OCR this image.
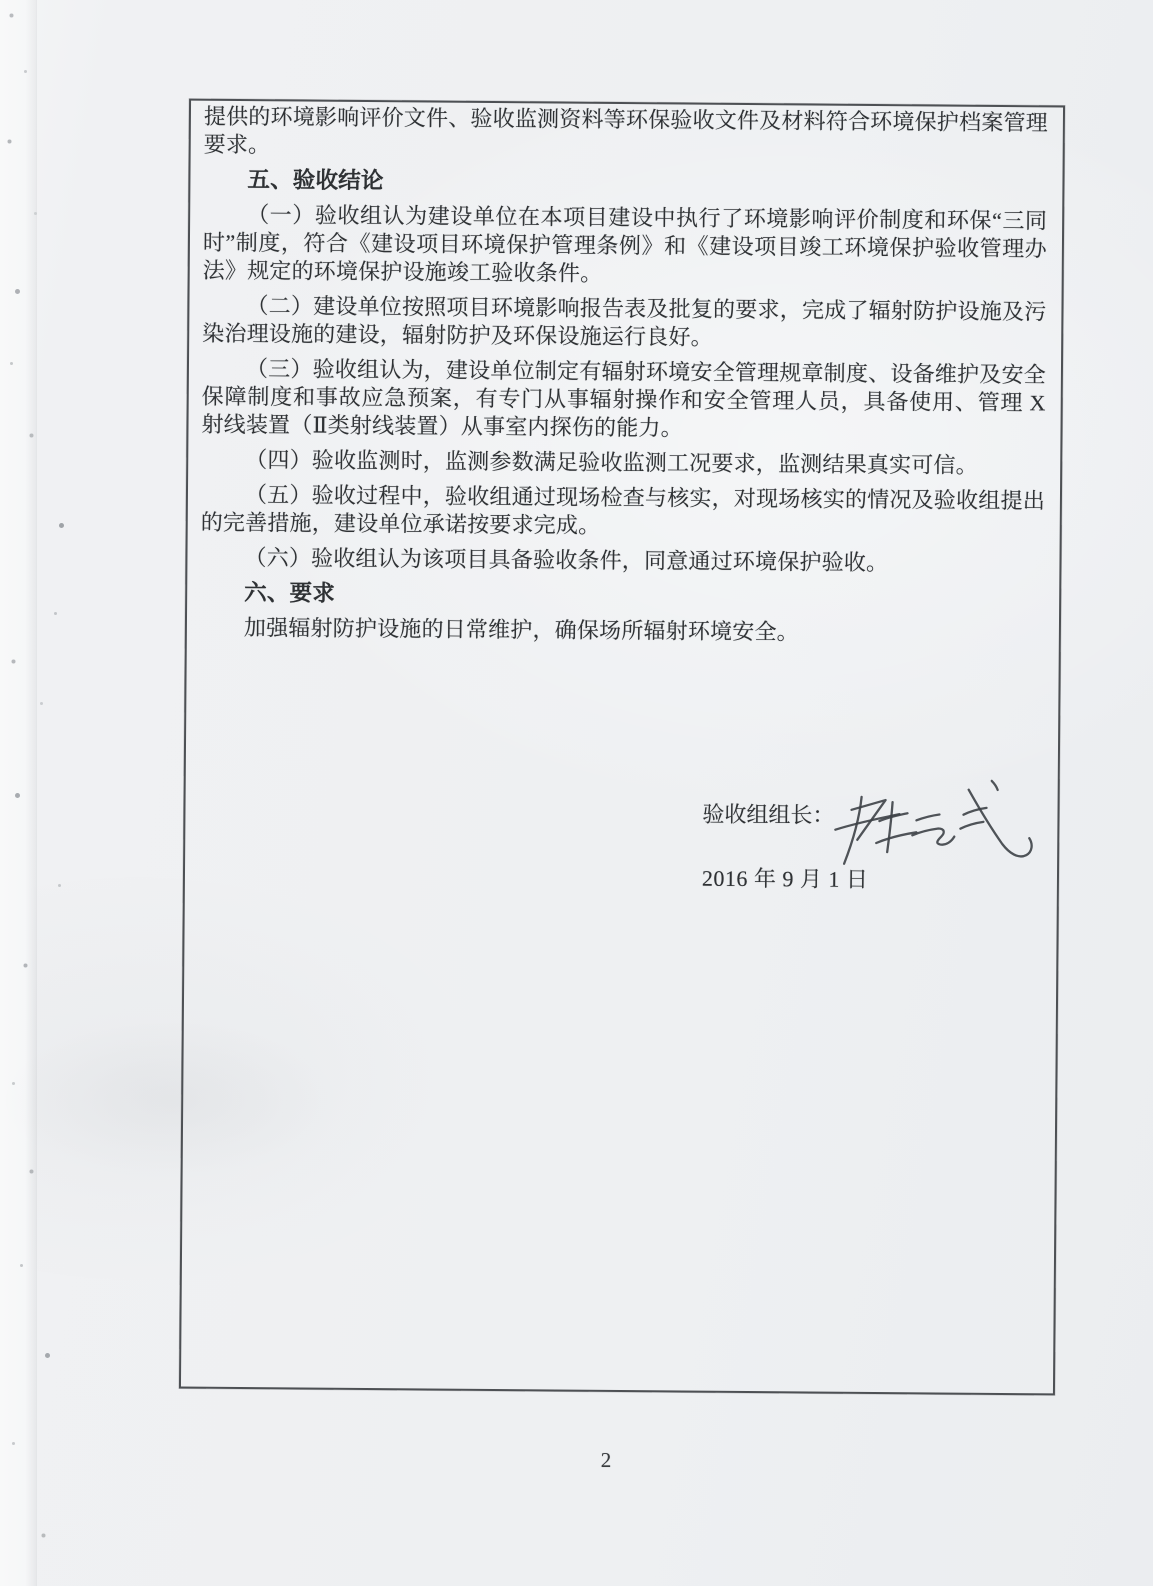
提供的环境影响评价文件、验收监测资料等环保验收文件及材料符合环境保护档案管理
要求。
五、验收结论
（一）验收组认为建设单位在本项目建设中执行了环境影响评价制度和环保“三同
时”制度，符合《建设项目环境保护管理条例》和《建设项目竣工环境保护验收管理办
法》规定的环境保护设施竣工验收条件。
（二）建设单位按照项目环境影响报告表及批复的要求，完成了辐射防护设施及污
染治理设施的建设，辐射防护及环保设施运行良好。
（三）验收组认为，建设单位制定有辐射环境安全管理规章制度、设备维护及安全
保障制度和事故应急预案，有专门从事辐射操作和安全管理人员，具备使用、管理 X
射线装置（Ⅱ类射线装置）从事室内探伤的能力。
（四）验收监测时，监测参数满足验收监测工况要求，监测结果真实可信。
（五）验收过程中，验收组通过现场检查与核实，对现场核实的情况及验收组提出
的完善措施，建设单位承诺按要求完成。
（六）验收组认为该项目具备验收条件，同意通过环境保护验收。
六、要求
加强辐射防护设施的日常维护，确保场所辐射环境安全。
验收组组长：
2016 年 9 月 1 日
2
